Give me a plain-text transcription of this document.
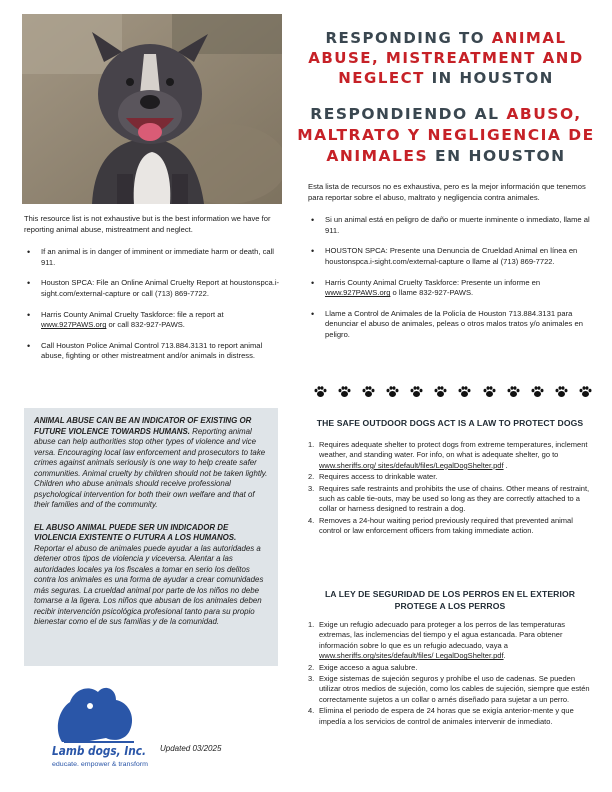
RESPONDING TO ANIMAL ABUSE, MISTREATMENT AND NEGLECT IN HOUSTON
RESPONDIENDO AL ABUSO, MALTRATO Y NEGLIGENCIA DE ANIMALES EN HOUSTON

This resource list is not exhaustive but is the best information we have for reporting animal abuse, mistreatment and neglect.

• If an animal is in danger of imminent or immediate harm or death, call 911.
• Houston SPCA: File an Online Animal Cruelty Report at houstonspca.i-sight.com/external-capture or call (713) 869-7722.
• Harris County Animal Cruelty Taskforce: file a report at www.927PAWS.org or call 832-927-PAWS.
• Call Houston Police Animal Control 713.884.3131 to report animal abuse, fighting or other mistreatment and/or animals in distress.

Esta lista de recursos no es exhaustiva, pero es la mejor información que tenemos para reportar sobre el abuso, maltrato y negligencia contra animales.

• Si un animal está en peligro de daño or muerte inminente o inmediato, llame al 911.
• HOUSTON SPCA: Presente una Denuncia de Crueldad Animal en línea en houstonspca.i-sight.com/external-capture o llame al (713) 869-7722.
• Harris County Animal Cruelty Taskforce: Presente un informe en www.927PAWS.org o llame 832-927-PAWS.
• Llame a Control de Animales de la Policía de Houston 713.884.3131 para denunciar el abuso de animales, peleas o otros malos tratos y/o animales en peligro.

ANIMAL ABUSE CAN BE AN INDICATOR OF EXISTING OR FUTURE VIOLENCE TOWARDS HUMANS. Reporting animal abuse can help authorities stop other types of violence and vice versa. Encouraging local law enforcement and prosecutors to take crimes against animals seriously is one way to help create safer communities. Animal cruelty by children should not be taken lightly. Children who abuse animals should receive professional psychological intervention for both their own welfare and that of their families and of the community.

EL ABUSO ANIMAL PUEDE SER UN INDICADOR DE VIOLENCIA EXISTENTE O FUTURA A LOS HUMANOS. Reportar el abuso de animales puede ayudar a las autoridades a detener otros tipos de violencia y viceversa. Alentar a las autoridades locales ya los fiscales a tomar en serio los delitos contra los animales es una forma de ayudar a crear comunidades más seguras. La crueldad animal por parte de los niños no debe tomarse a la ligera. Los niños que abusan de los animales deben recibir intervención psicológica profesional tanto para su propio bienestar como el de sus familias y de la comunidad.

THE SAFE OUTDOOR DOGS ACT IS A LAW TO PROTECT DOGS
Requires adequate shelter to protect dogs from extreme temperatures, inclement weather, and standing water. For info, on what is adequate shelter, go to www.sheriffs.org/ sites/default/files/LegalDogShelter.pdf .
Requires access to drinkable water.
Requires safe restraints and prohibits the use of chains. Other means of restraint, such as cable tie-outs, may be used so long as they are correctly attached to a collar or harness designed to restrain a dog.
Removes a 24-hour waiting period previously required that prevented animal control or law enforcement officers from taking immediate action.
LA LEY DE SEGURIDAD DE LOS PERROS EN EL EXTERIOR PROTEGE A LOS PERROS
Exige un refugio adecuado para proteger a los perros de las temperaturas extremas, las inclemencias del tiempo y el agua estancada. Para obtener información sobre lo que es un refugio adecuado, vaya a www.sheriffs.org/sites/default/files/ LegalDogShelter.pdf.
Exige acceso a agua salubre.
Exige sistemas de sujeción seguros y prohíbe el uso de cadenas. Se pueden utilizar otros medios de sujeción, como los cables de sujeción, siempre que estén correctamente sujetos a un collar o arnés diseñado para sujetar a un perro.
Elimina el periodo de espera de 24 horas que se exigía anterior-mente y que impedía a los servicios de control de animales intervenir de inmediato.
Lamb dogs, Inc.
educate. empower & transform
Updated 03/2025
